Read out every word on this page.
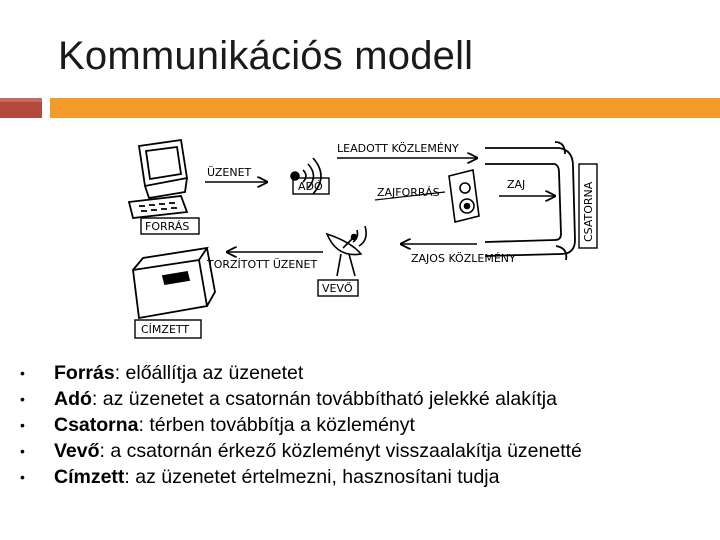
Kommunikációs modell
FORRÁS
ÜZENET
ADÓ
LEADOTT KÖZLEMÉNY
ZAJFORRÁS
ZAJ	CSATORNA
ZAJOS KÖZLEMÉNY
VEVŐ
TORZÍTOTT ÜZENET
CÍMZETT
• Forrás: előállítja az üzenetet
• Adó: az üzenetet a csatornán továbbítható jelekké alakítja
• Csatorna: térben továbbítja a közleményt
• Vevő: a csatornán érkező közleményt visszaalakítja üzenetté
• Címzett: az üzenetet értelmezni, hasznosítani tudja
